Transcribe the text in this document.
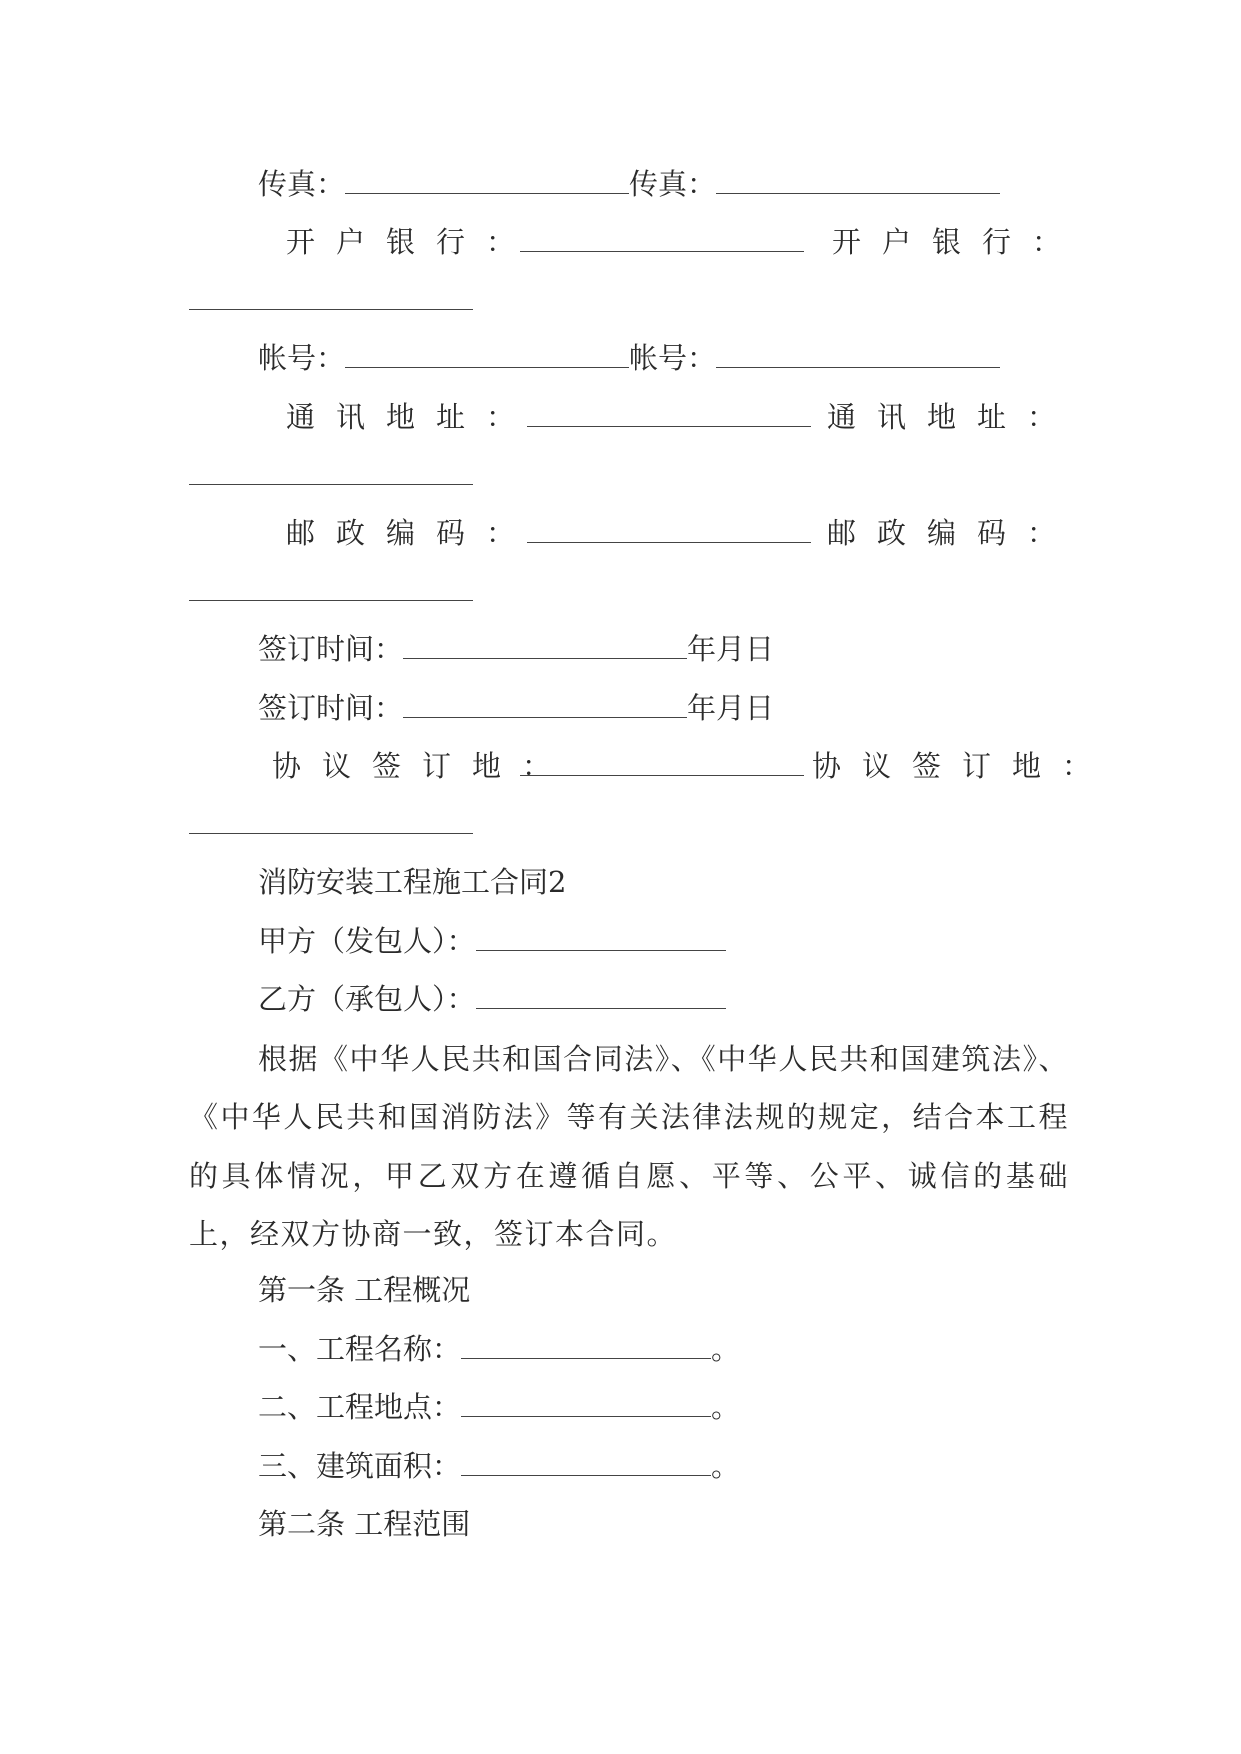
传真：	传真：
开户银行：	开户银行：
帐号：	帐号：
通讯地址：	通讯地址：
邮政编码：	邮政编码：
签订时间：	年月日
签订时间：	年月日
协议签订地：	协议签订地：
消防安装工程施工合同2
甲方（发包人）：
乙方（承包人）：
根据《中华人民共和国合同法》、《中华人民共和国建筑法》、《中华人民共和国消防法》等有关法律法规的规定，结合本工程的具体情况，甲乙双方在遵循自愿、平等、公平、诚信的基础上，经双方协商一致，签订本合同。
第一条 工程概况
一、工程名称：	。
二、工程地点：	。
三、建筑面积：	。
第二条 工程范围
